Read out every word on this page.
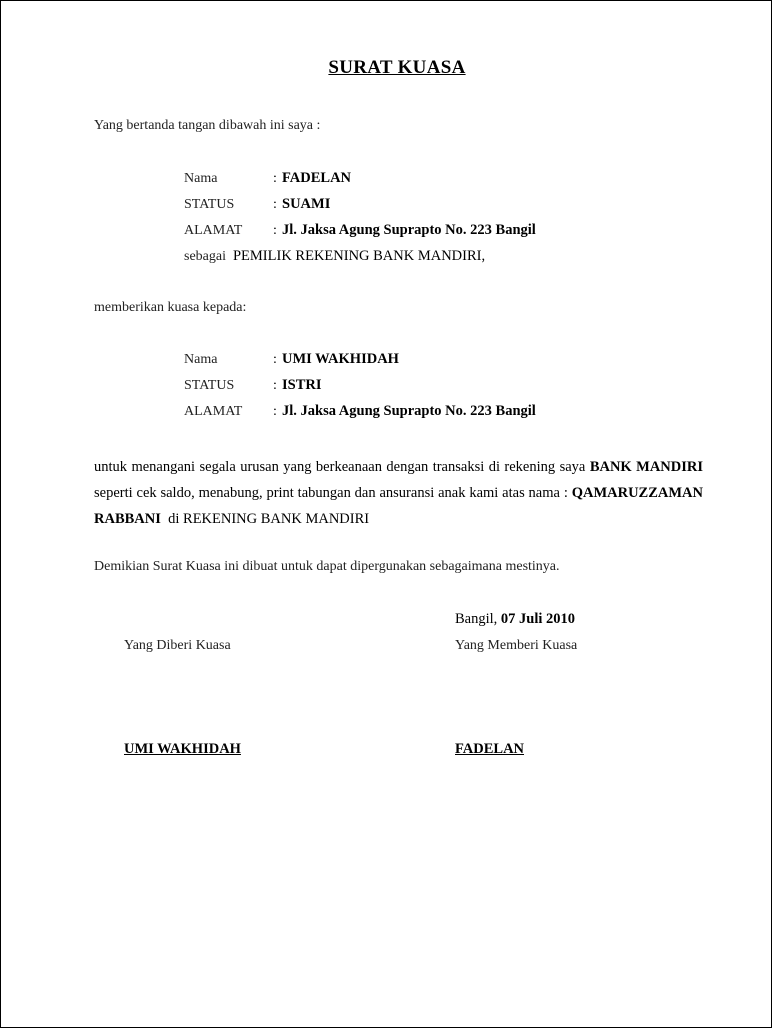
SURAT KUASA
Yang bertanda tangan dibawah ini saya :
Nama	: FADELAN
STATUS	: SUAMI
ALAMAT : Jl. Jaksa Agung Suprapto No. 223 Bangil
sebagai PEMILIK REKENING BANK MANDIRI,
memberikan kuasa kepada:
Nama	: UMI WAKHIDAH
STATUS	: ISTRI
ALAMAT : Jl. Jaksa Agung Suprapto No. 223 Bangil
untuk menangani segala urusan yang berkeanaan dengan transaksi di rekening saya BANK MANDIRI seperti cek saldo, menabung, print tabungan dan ansuransi anak kami atas nama : QAMARUZZAMAN RABBANI di REKENING BANK MANDIRI
Demikian Surat Kuasa ini dibuat untuk dapat dipergunakan sebagaimana mestinya.
Bangil, 07 Juli 2010
Yang Diberi Kuasa	Yang Memberi Kuasa
UMI WAKHIDAH	FADELAN
